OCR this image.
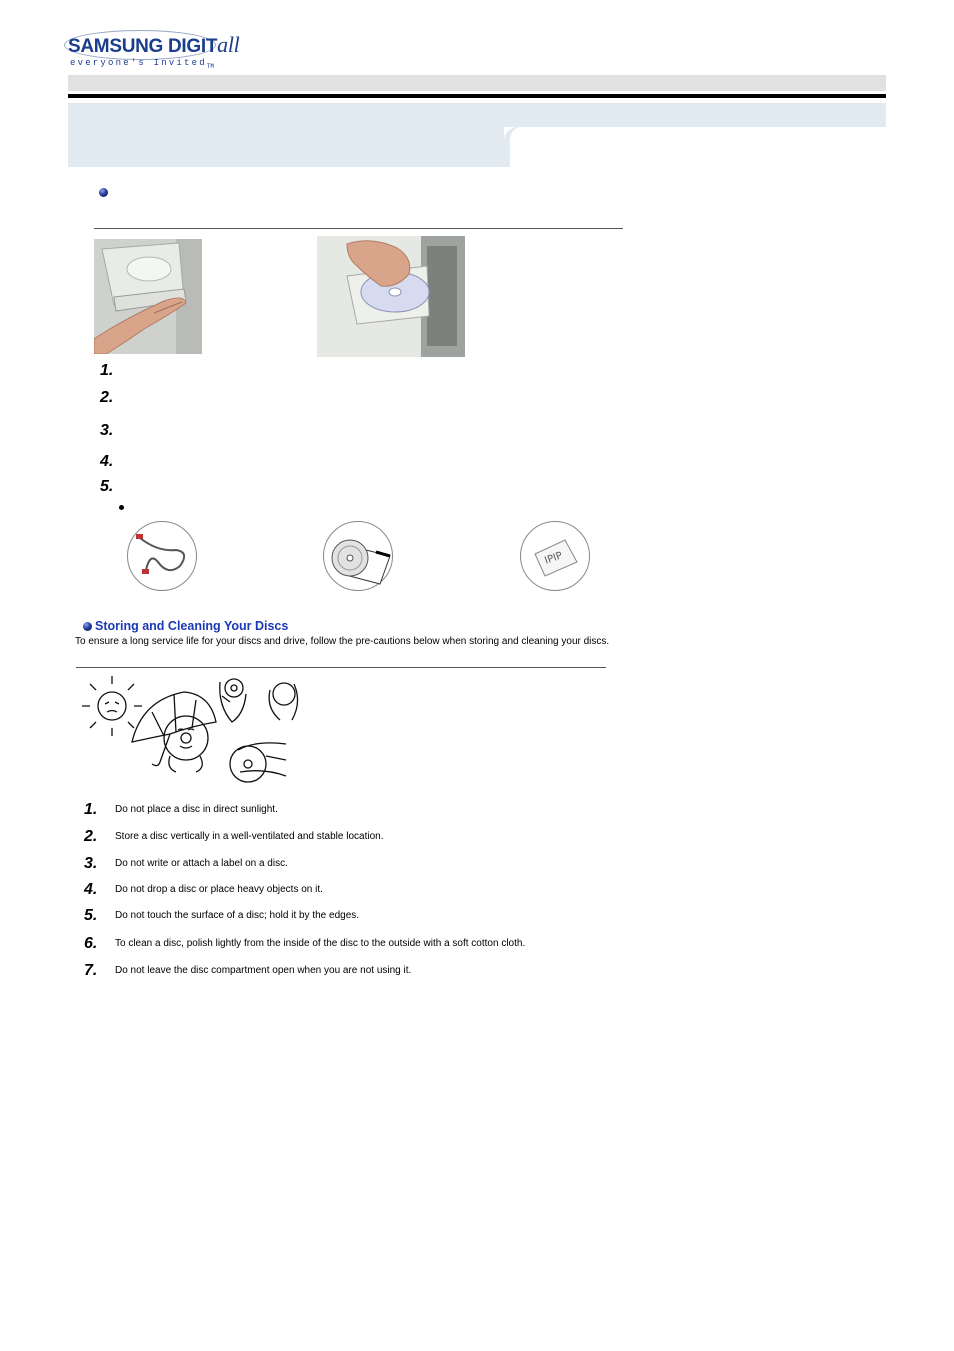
SAMSUNG DIGITall
everyone's Invited$_{TM}$
1.
2.
3.
4.
5.
IPIP
Storing and Cleaning Your Discs
To ensure a long service life for your discs and drive, follow the pre-cautions below when storing and cleaning your discs.
1. Do not place a disc in direct sunlight.
2. Store a disc vertically in a well-ventilated and stable location.
3. Do not write or attach a label on a disc.
4. Do not drop a disc or place heavy objects on it.
5. Do not touch the surface of a disc; hold it by the edges.
6. To clean a disc, polish lightly from the inside of the disc to the outside with a soft cotton cloth.
7. Do not leave the disc compartment open when you are not using it.
